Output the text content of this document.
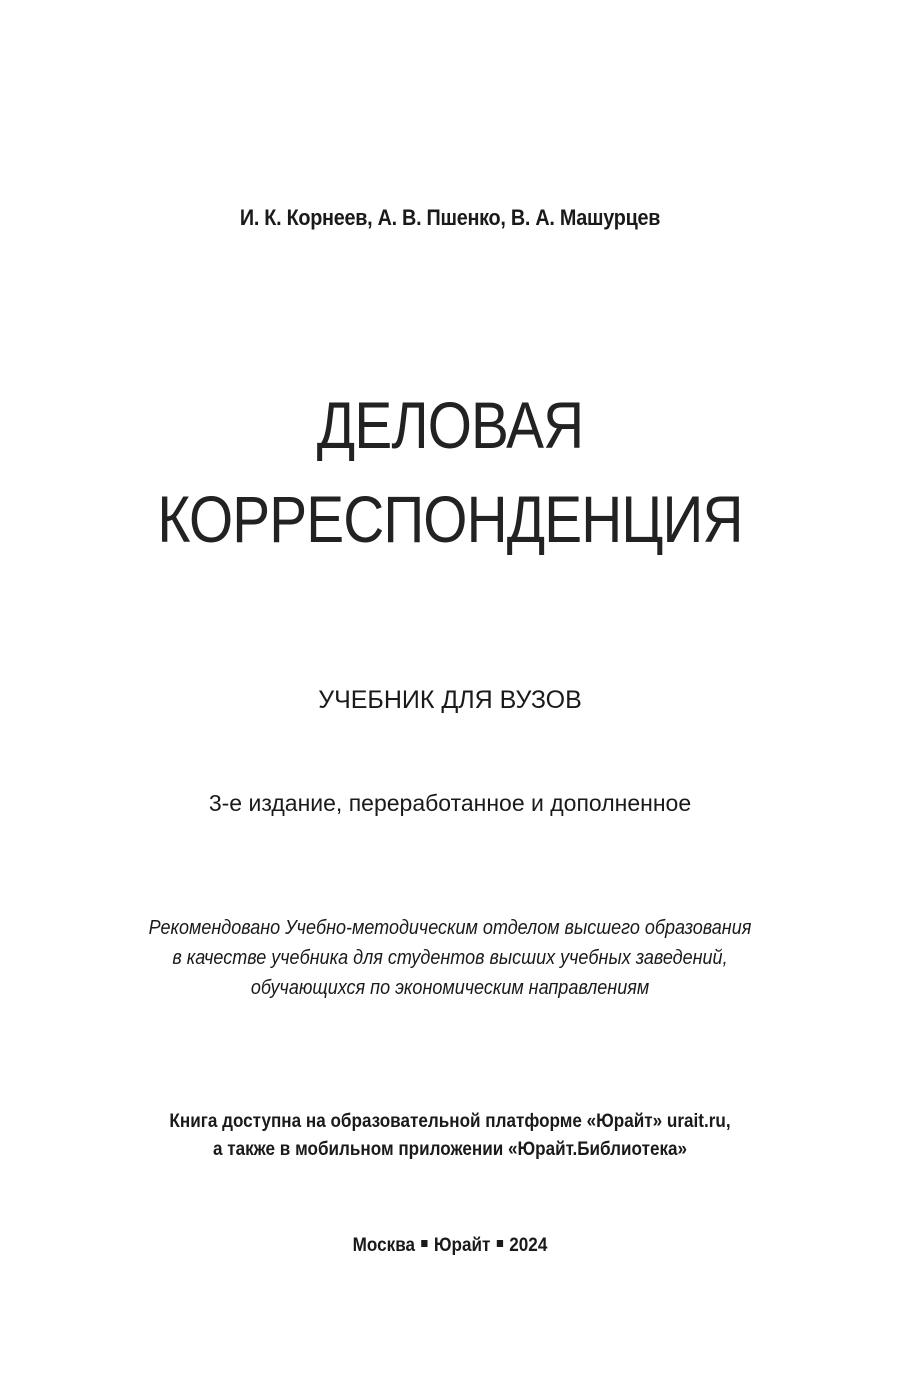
И. К. Корнеев, А. В. Пшенко, В. А. Машурцев
ДЕЛОВАЯ
КОРРЕСПОНДЕНЦИЯ
УЧЕБНИК ДЛЯ ВУЗОВ
3-е издание, переработанное и дополненное
Рекомендовано Учебно-методическим отделом высшего образования
в качестве учебника для студентов высших учебных заведений,
обучающихся по экономическим направлениям
Книга доступна на образовательной платформе «Юрайт» urait.ru,
а также в мобильном приложении «Юрайт.Библиотека»
Москва Юрайт 2024
